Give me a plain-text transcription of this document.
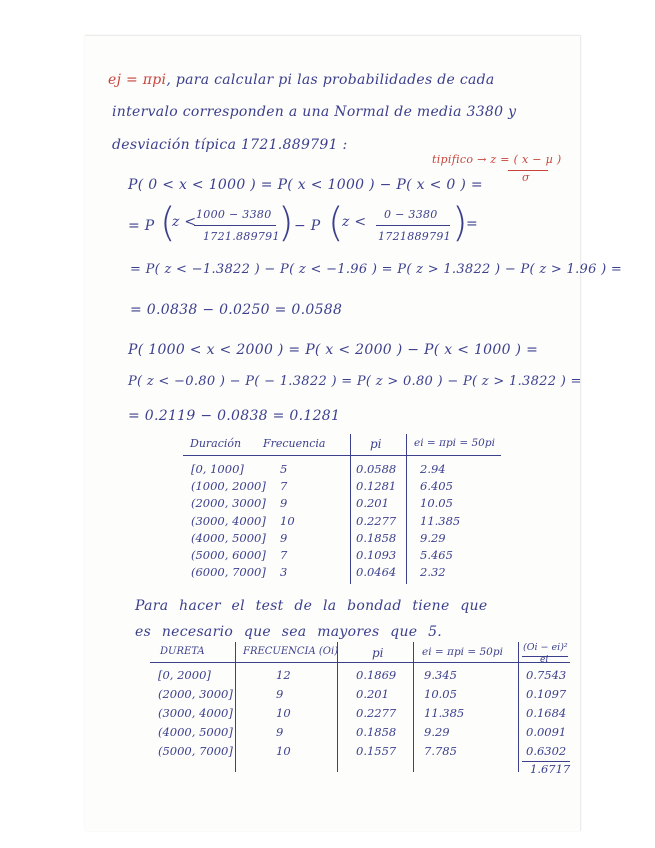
ej = πpi, para calcular pi las probabilidades de cada
intervalo corresponden a una Normal de media 3380 y
desviación típica 1721.889791 :
tipifico → z = ( x − µ )
σ
P( 0 < x < 1000 ) = P( x < 1000 ) − P( x < 0 ) =
= P (
z < 1000 − 3380
1721.889791
) − P (
z < 0 − 3380
1721889791 )
=
= P( z < −1.3822 ) − P( z < −1.96 ) = P( z > 1.3822 ) − P( z > 1.96 ) =
= 0.0838 − 0.0250 = 0.0588
P( 1000 < x < 2000 ) = P( x < 2000 ) − P( x < 1000 ) =
P( z < −0.80 ) − P( − 1.3822 ) = P( z > 0.80 ) − P( z > 1.3822 ) =
= 0.2119 − 0.0838 = 0.1281
Duración Frecuencia	pi	ei = πpi = 50pi
[0, 1000]	5	0.0588 2.94
(1000, 2000] 7	0.1281 6.405
(2000, 3000] 9	0.201	10.05
(3000, 4000] 10	0.2277 11.385
(4000, 5000] 9	0.1858 9.29
(5000, 6000] 7	0.1093 5.465
(6000, 7000] 3	0.0464 2.32
Para hacer el test de la bondad tiene que
es necesario que sea mayores que 5.
DURETA	FRECUENCIA (Oi)	pi	ei = πpi = 50pi (Oi − ei)²
ei
[0, 2000]	12	0.1869 9.345	0.7543
(2000, 3000]	9	0.201	10.05	0.1097
(3000, 4000]	10	0.2277 11.385	0.1684
(4000, 5000]	9	0.1858 9.29	0.0091
(5000, 7000]	10	0.1557 7.785	0.6302
1.6717
